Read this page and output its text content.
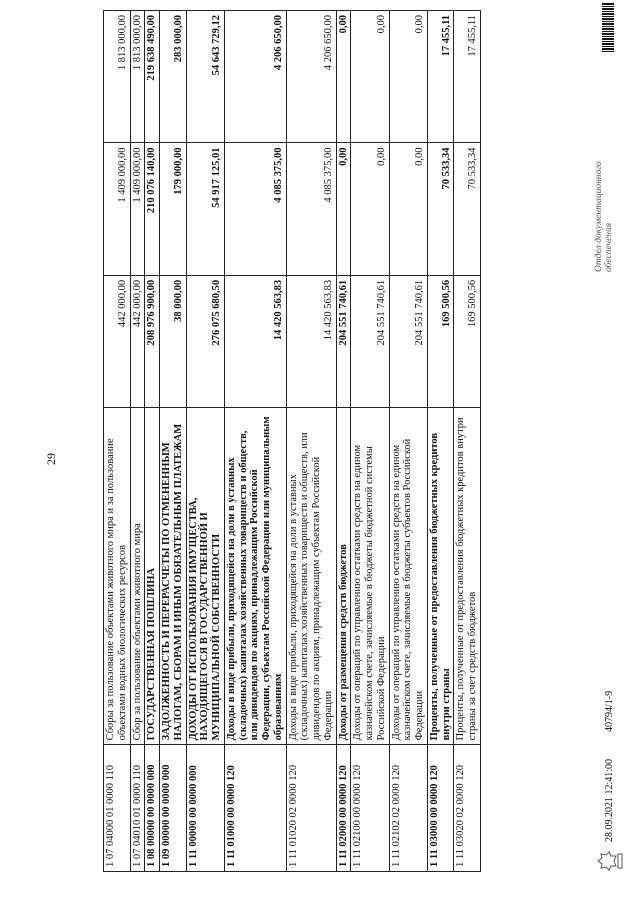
29
1 07 04000 01 0000 110	Сборы за пользование объектами животного мира и за пользование объектами водных биологических ресурсов	442 000,00	1 409 000,00	1 813 000,00
1 07 04010 01 0000 110	Сбор за пользование объектами животного мира	442 000,00	1 409 000,00	1 813 000,00
1 08 00000 00 0000 000	ГОСУДАРСТВЕННАЯ ПОШЛИНА	208 976 900,00	210 076 140,00	219 638 490,00
1 09 00000 00 0000 000	ЗАДОЛЖЕННОСТЬ И ПЕРЕРАСЧЕТЫ ПО ОТМЕНЕННЫМ НАЛОГАМ, СБОРАМ И ИНЫМ ОБЯЗАТЕЛЬНЫМ ПЛАТЕЖАМ	38 000,00	179 000,00	283 000,00
1 11 00000 00 0000 000	ДОХОДЫ ОТ ИСПОЛЬЗОВАНИЯ ИМУЩЕСТВА, НАХОДЯЩЕГОСЯ В ГОСУДАРСТВЕННОЙ И МУНИЦИПАЛЬНОЙ СОБСТВЕННОСТИ	276 075 680,50	54 917 125,01	54 643 729,12
1 11 01000 00 0000 120	Доходы в виде прибыли, приходящейся на доли в уставных (складочных) капиталах хозяйственных товариществ и обществ, или дивидендов по акциям, принадлежащим Российской Федерации, субъектам Российской Федерации или муниципальным образованиям	14 420 563,83	4 085 375,00	4 206 650,00
1 11 01020 02 0000 120	Доходы в виде прибыли, приходящейся на доли в уставных (складочных) капиталах хозяйственных товариществ и обществ, или дивидендов по акциям, принадлежащим субъектам Российской Федерации	14 420 563,83	4 085 375,00	4 206 650,00
1 11 02000 00 0000 120	Доходы от размещения средств бюджетов	204 551 740,61	0,00	0,00
1 11 02100 00 0000 120	Доходы от операций по управлению остатками средств на едином казначейском счете, зачисляемые в бюджеты бюджетной системы Российской Федерации	204 551 740,61	0,00	0,00
1 11 02102 02 0000 120	Доходы от операций по управлению остатками средств на едином казначейском счете, зачисляемые в бюджеты субъектов Российской Федерации	204 551 740,61	0,00	0,00
1 11 03000 00 0000 120	Проценты, полученные от предоставления бюджетных кредитов внутри страны	169 500,56	70 533,34	17 455,11
1 11 03020 02 0000 120	Проценты, полученные от предоставления бюджетных кредитов внутри страны за счет средств бюджетов	169 500,56	70 533,34	17 455,11
28.09.2021 12:41:00
40794/1-9
Отдел документационного обеспечения
